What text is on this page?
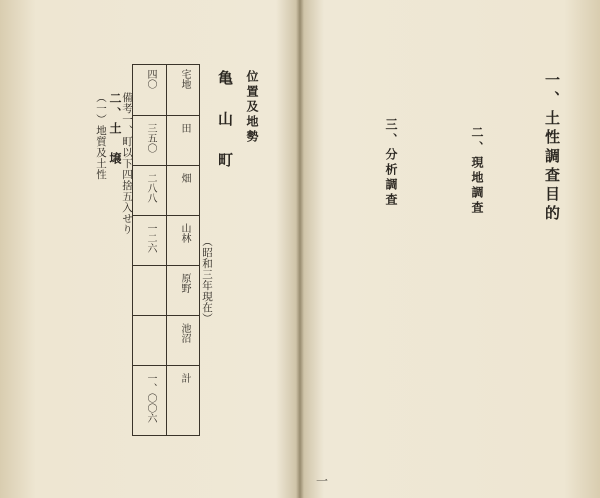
亀 山 町 位置及地勢
二、土　壌
（一）地質及土性 備考一、町以下四捨五入せり
（昭和三年現在）
宅地
田
畑
山林
原野
池沼
計
四〇
三五〇
二八八
一二六
一、〇〇六
一、土性調査目的
二、現地調査
三、分析調査
一
